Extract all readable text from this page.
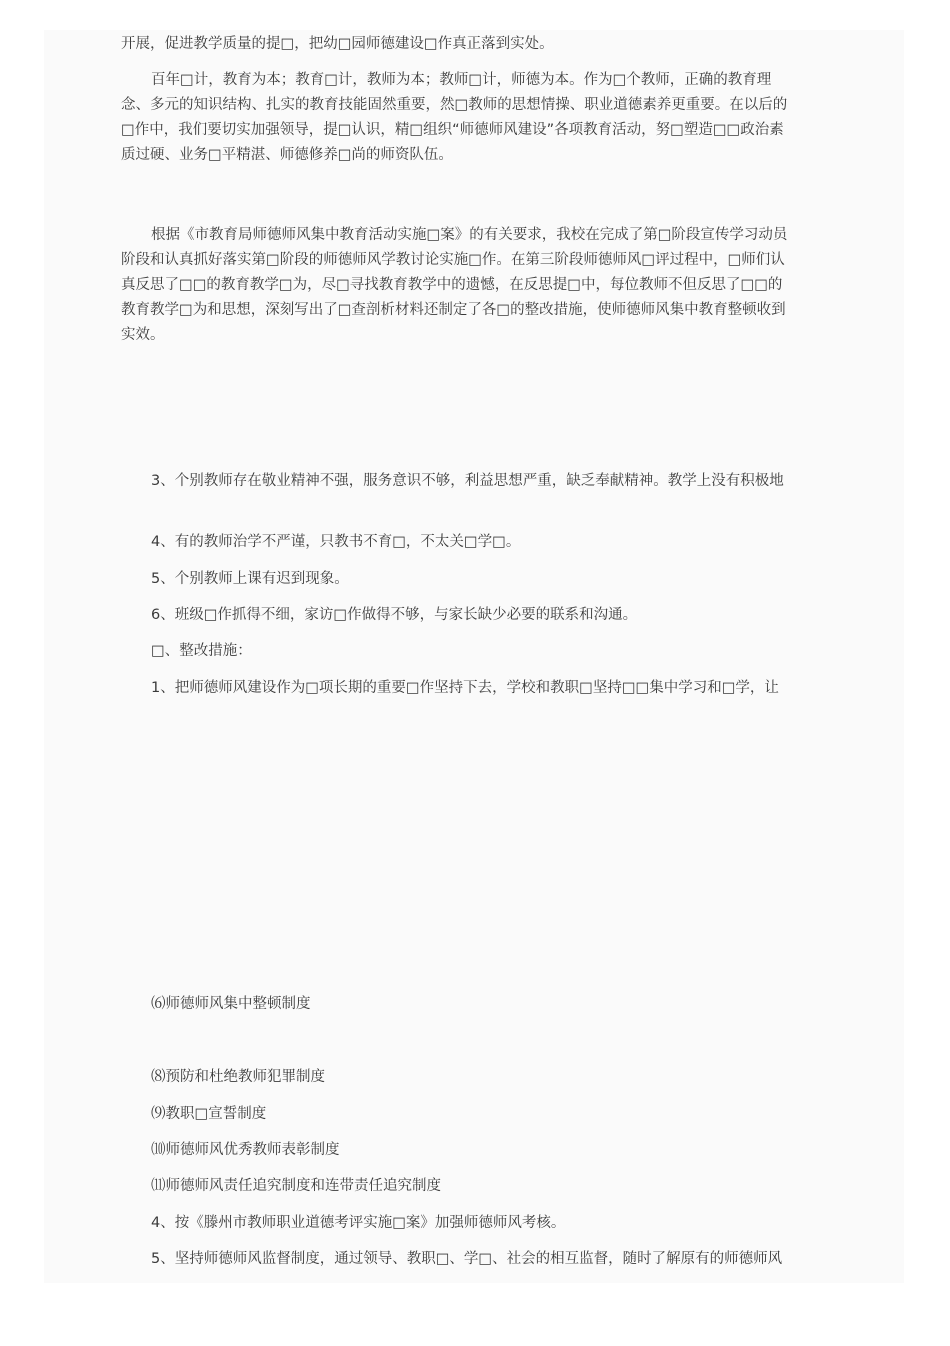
开展，促进教学质量的提□，把幼□园师德建设□作真正落到实处。
百年□计，教育为本；教育□计，教师为本；教师□计，师德为本。作为□个教师，正确的教育理
念、多元的知识结构、扎实的教育技能固然重要，然□教师的思想情操、职业道德素养更重要。在以后的
□作中，我们要切实加强领导，提□认识，精□组织“师德师风建设”各项教育活动，努□塑造□□政治素
质过硬、业务□平精湛、师德修养□尚的师资队伍。
根据《市教育局师德师风集中教育活动实施□案》的有关要求，我校在完成了第□阶段宣传学习动员
阶段和认真抓好落实第□阶段的师德师风学教讨论实施□作。在第三阶段师德师风□评过程中，□师们认
真反思了□□的教育教学□为，尽□寻找教育教学中的遗憾，在反思提□中，每位教师不但反思了□□的
教育教学□为和思想，深刻写出了□查剖析材料还制定了各□的整改措施，使师德师风集中教育整顿收到
实效。
3、个别教师存在敬业精神不强，服务意识不够，利益思想严重，缺乏奉献精神。教学上没有积极地
4、有的教师治学不严谨，只教书不育□，不太关□学□。
5、个别教师上课有迟到现象。
6、班级□作抓得不细，家访□作做得不够，与家长缺少必要的联系和沟通。
□、整改措施：
1、把师德师风建设作为□项长期的重要□作坚持下去，学校和教职□坚持□□集中学习和□学，让
⑹师德师风集中整顿制度
⑻预防和杜绝教师犯罪制度
⑼教职□宣誓制度
⑽师德师风优秀教师表彰制度
⑾师德师风责任追究制度和连带责任追究制度
4、按《滕州市教师职业道德考评实施□案》加强师德师风考核。
5、坚持师德师风监督制度，通过领导、教职□、学□、社会的相互监督，随时了解原有的师德师风
